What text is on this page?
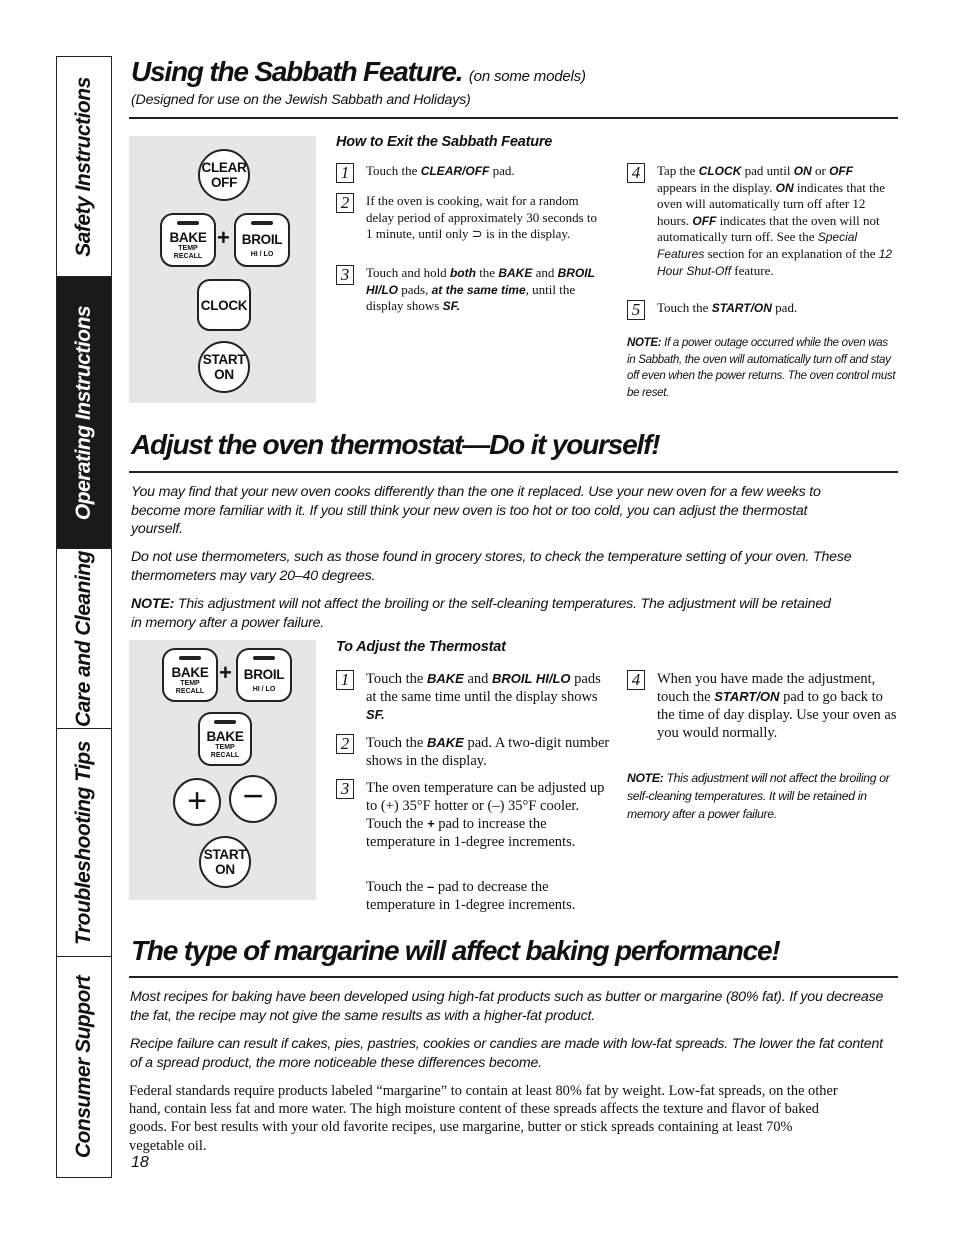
Safety Instructions
Operating Instructions
Care and Cleaning
Troubleshooting Tips
Consumer Support
Using the Sabbath Feature. (on some models)
(Designed for use on the Jewish Sabbath and Holidays)
CLEAR
OFF
BAKE
TEMP
RECALL
+ BROIL
HI / LO
CLOCK
START
ON
How to Exit the Sabbath Feature
1	Touch the CLEAR/OFF pad.
2	If the oven is cooking, wait for a random delay period of approximately 30 seconds to 1 minute, until only ⊃ is in the display.
3	Touch and hold both the BAKE and BROIL HI/LO pads, at the same time, until the display shows SF.
4	Tap the CLOCK pad until ON or OFF appears in the display. ON indicates that the oven will automatically turn off after 12 hours. OFF indicates that the oven will not automatically turn off. See the Special Features section for an explanation of the 12 Hour Shut-Off feature.
5	Touch the START/ON pad.
NOTE: If a power outage occurred while the oven was in Sabbath, the oven will automatically turn off and stay off even when the power returns. The oven control must be reset.
Adjust the oven thermostat—Do it yourself!
You may find that your new oven cooks differently than the one it replaced. Use your new oven for a few weeks to become more familiar with it. If you still think your new oven is too hot or too cold, you can adjust the thermostat yourself.
Do not use thermometers, such as those found in grocery stores, to check the temperature setting of your oven. These thermometers may vary 20–40 degrees.
NOTE: This adjustment will not affect the broiling or the self-cleaning temperatures. The adjustment will be retained in memory after a power failure.
BAKE
TEMP
RECALL
+ BROIL
HI / LO
BAKE
TEMP
RECALL
+ −
START
ON
To Adjust the Thermostat
1	Touch the BAKE and BROIL HI/LO pads at the same time until the display shows SF.
2	Touch the BAKE pad. A two-digit number shows in the display.
3	The oven temperature can be adjusted up to (+) 35°F hotter or (–) 35°F cooler. Touch the + pad to increase the temperature in 1-degree increments.
Touch the – pad to decrease the temperature in 1-degree increments.
4	When you have made the adjustment, touch the START/ON pad to go back to the time of day display. Use your oven as you would normally.
NOTE: This adjustment will not affect the broiling or self-cleaning temperatures. It will be retained in memory after a power failure.
The type of margarine will affect baking performance!
Most recipes for baking have been developed using high-fat products such as butter or margarine (80% fat). If you decrease the fat, the recipe may not give the same results as with a higher-fat product.
Recipe failure can result if cakes, pies, pastries, cookies or candies are made with low-fat spreads. The lower the fat content of a spread product, the more noticeable these differences become.
Federal standards require products labeled “margarine” to contain at least 80% fat by weight. Low-fat spreads, on the other hand, contain less fat and more water. The high moisture content of these spreads affects the texture and flavor of baked goods. For best results with your old favorite recipes, use margarine, butter or stick spreads containing at least 70% vegetable oil.
18
